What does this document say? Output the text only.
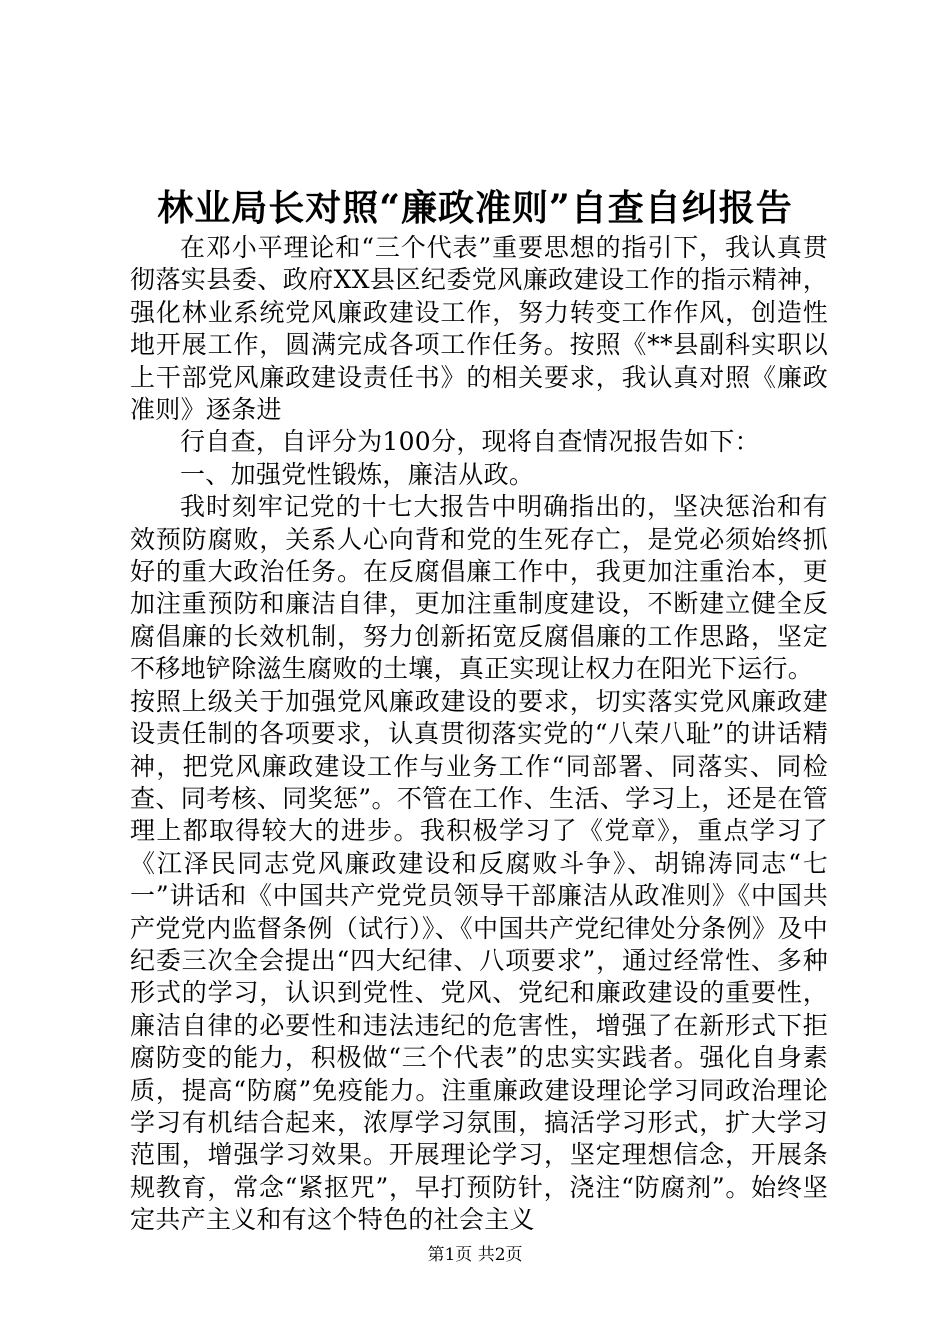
林业局长对照“廉政准则”自查自纠报告

在邓小平理论和“三个代表”重要思想的指引下，我认真贯彻落实县委、政府XX县区纪委党风廉政建设工作的指示精神，强化林业系统党风廉政建设工作，努力转变工作作风，创造性地开展工作，圆满完成各项工作任务。按照《**县副科实职以上干部党风廉政建设责任书》的相关要求，我认真对照《廉政准则》逐条进

行自查，自评分为100分，现将自查情况报告如下：

一、加强党性锻炼，廉洁从政。

我时刻牢记党的十七大报告中明确指出的，坚决惩治和有效预防腐败，关系人心向背和党的生死存亡，是党必须始终抓好的重大政治任务。在反腐倡廉工作中，我更加注重治本，更加注重预防和廉洁自律，更加注重制度建设，不断建立健全反腐倡廉的长效机制，努力创新拓宽反腐倡廉的工作思路，坚定不移地铲除滋生腐败的土壤，真正实现让权力在阳光下运行。

按照上级关于加强党风廉政建设的要求，切实落实党风廉政建设责任制的各项要求，认真贯彻落实党的“八荣八耻”的讲话精神，把党风廉政建设工作与业务工作“同部署、同落实、同检查、同考核、同奖惩”。不管在工作、生活、学习上，还是在管理上都取得较大的进步。我积极学习了《党章》，重点学习了《江泽民同志党风廉政建设和反腐败斗争》、胡锦涛同志“七一”讲话和《中国共产党党员领导干部廉洁从政准则》《中国共产党党内监督条例（试行）》、《中国共产党纪律处分条例》及中纪委三次全会提出“四大纪律、八项要求”，通过经常性、多种形式的学习，认识到党性、党风、党纪和廉政建设的重要性，廉洁自律的必要性和违法违纪的危害性，增强了在新形式下拒腐防变的能力，积极做“三个代表”的忠实实践者。强化自身素质，提高“防腐”免疫能力。注重廉政建设理论学习同政治理论学习有机结合起来，浓厚学习氛围，搞活学习形式，扩大学习范围，增强学习效果。开展理论学习，坚定理想信念，开展条规教育，常念“紧抠咒”，早打预防针，浇注“防腐剂”。始终坚定共产主义和有这个特色的社会主义

第1页 共2页
